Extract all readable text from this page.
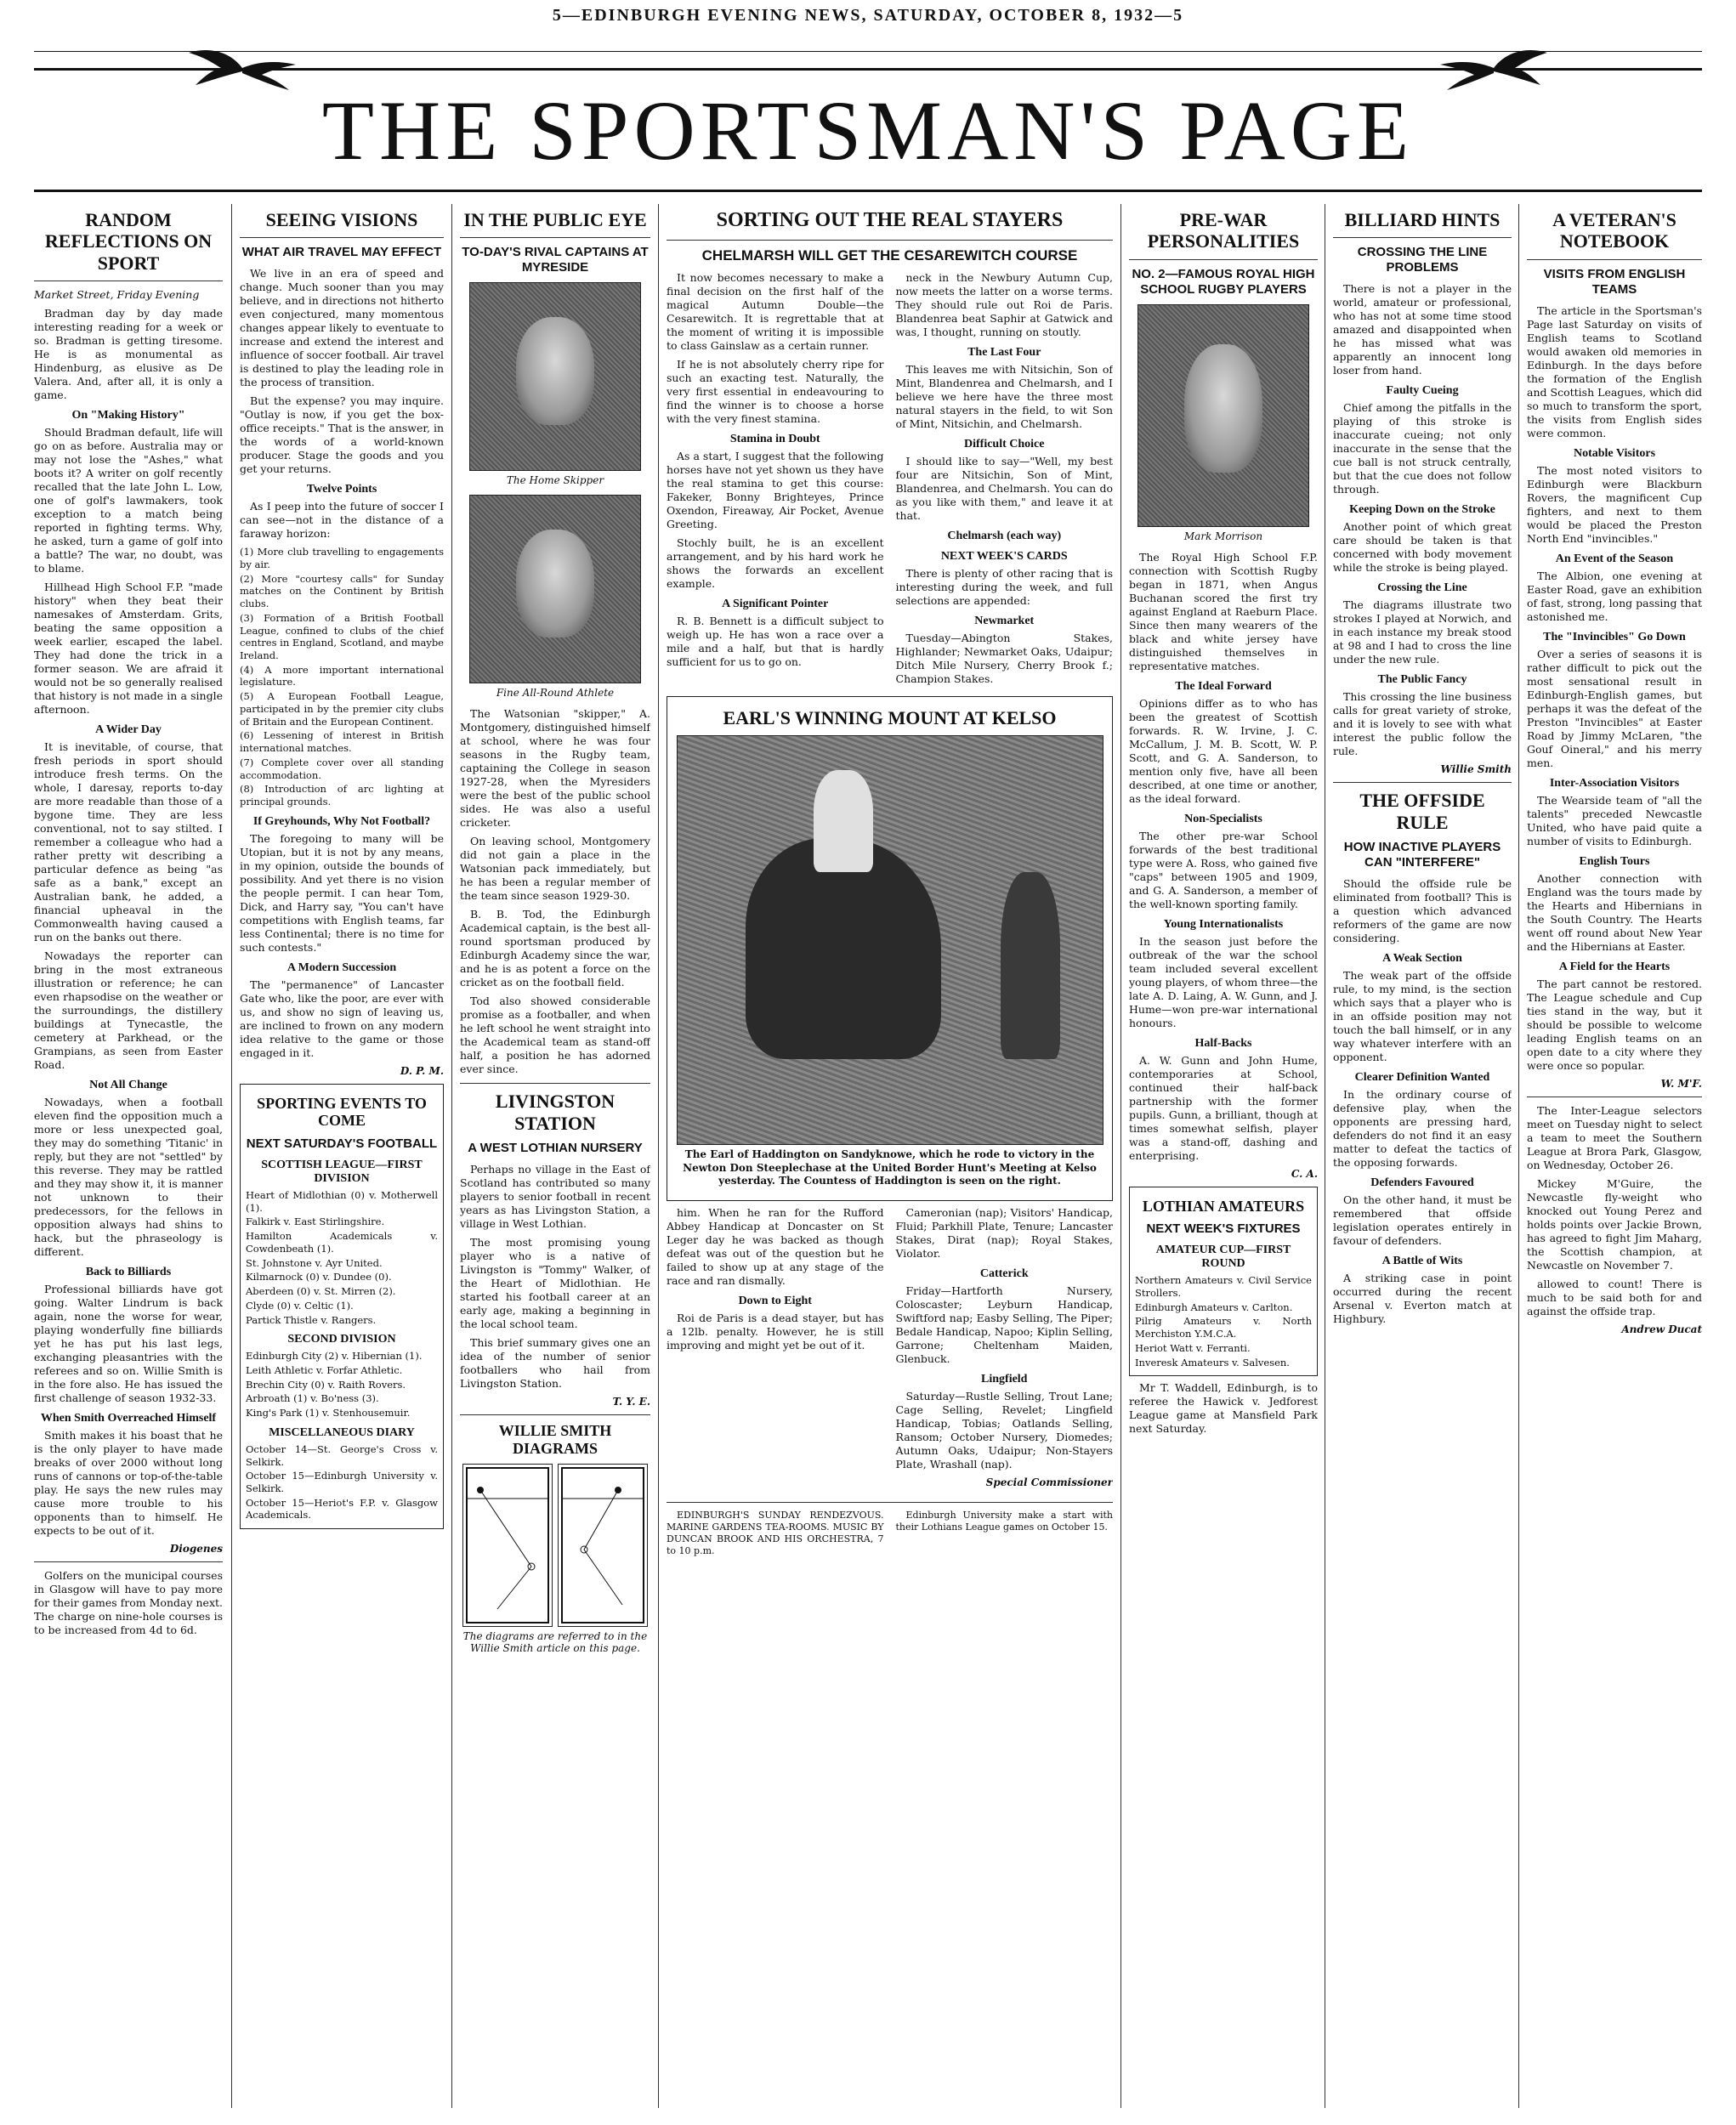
5—EDINBURGH EVENING NEWS, SATURDAY, OCTOBER 8, 1932—5
THE SPORTSMAN'S PAGE
RANDOM REFLECTIONS ON SPORT

Market Street, Friday Evening

Bradman day by day made interesting reading for a week or so. Bradman is getting tiresome. He is as monumental as Hindenburg, as elusive as De Valera. And, after all, it is only a game.

On "Making History"

Should Bradman default, life will go on as before. Australia may or may not lose the "Ashes," what boots it? A writer on golf recently recalled that the late John L. Low, one of golf's lawmakers, took exception to a match being reported in fighting terms. Why, he asked, turn a game of golf into a battle? The war, no doubt, was to blame.

Hillhead High School F.P. "made history" when they beat their namesakes of Amsterdam. Grits, beating the same opposition a week earlier, escaped the label. They had done the trick in a former season. We are afraid it would not be so generally realised that history is not made in a single afternoon.

A Wider Day

It is inevitable, of course, that fresh periods in sport should introduce fresh terms. On the whole, I daresay, reports to-day are more readable than those of a bygone time. They are less conventional, not to say stilted. I remember a colleague who had a rather pretty wit describing a particular defence as being "as safe as a bank," except an Australian bank, he added, a financial upheaval in the Commonwealth having caused a run on the banks out there.

Nowadays the reporter can bring in the most extraneous illustration or reference; he can even rhapsodise on the weather or the surroundings, the distillery buildings at Tynecastle, the cemetery at Parkhead, or the Grampians, as seen from Easter Road.

Not All Change

Nowadays, when a football eleven find the opposition much a more or less unexpected goal, they may do something 'Titanic' in reply, but they are not "settled" by this reverse. They may be rattled and they may show it, it is manner not unknown to their predecessors, for the fellows in opposition always had shins to hack, but the phraseology is different.

Back to Billiards

Professional billiards have got going. Walter Lindrum is back again, none the worse for wear, playing wonderfully fine billiards yet he has put his last legs, exchanging pleasantries with the referees and so on. Willie Smith is in the fore also. He has issued the first challenge of season 1932-33.

When Smith Overreached Himself

Smith makes it his boast that he is the only player to have made breaks of over 2000 without long runs of cannons or top-of-the-table play. He says the new rules may cause more trouble to his opponents than to himself. He expects to be out of it.

Diogenes

Golfers on the municipal courses in Glasgow will have to pay more for their games from Monday next. The charge on nine-hole courses is to be increased from 4d to 6d.

SEEING VISIONS
WHAT AIR TRAVEL MAY EFFECT

We live in an era of speed and change. Much sooner than you may believe, and in directions not hitherto even conjectured, many momentous changes appear likely to eventuate to increase and extend the interest and influence of soccer football. Air travel is destined to play the leading role in the process of transition.

But the expense? you may inquire. "Outlay is now, if you get the box-office receipts." That is the answer, in the words of a world-known producer. Stage the goods and you get your returns.

Twelve Points

As I peep into the future of soccer I can see—not in the distance of a faraway horizon:

(1) More club travelling to engagements by air.

(2) More "courtesy calls" for Sunday matches on the Continent by British clubs.

(3) Formation of a British Football League, confined to clubs of the chief centres in England, Scotland, and maybe Ireland.

(4) A more important international legislature.

(5) A European Football League, participated in by the premier city clubs of Britain and the European Continent.

(6) Lessening of interest in British international matches.

(7) Complete cover over all standing accommodation.

(8) Introduction of arc lighting at principal grounds.

If Greyhounds, Why Not Football?

The foregoing to many will be Utopian, but it is not by any means, in my opinion, outside the bounds of possibility. And yet there is no vision the people permit. I can hear Tom, Dick, and Harry say, "You can't have competitions with English teams, far less Continental; there is no time for such contests."

A Modern Succession

The "permanence" of Lancaster Gate who, like the poor, are ever with us, and show no sign of leaving us, are inclined to frown on any modern idea relative to the game or those engaged in it.

D. P. M.
SPORTING EVENTS TO COME
NEXT SATURDAY'S FOOTBALL
SCOTTISH LEAGUE—FIRST DIVISION

Heart of Midlothian (0) v. Motherwell (1).

Falkirk v. East Stirlingshire.

Hamilton Academicals v. Cowdenbeath (1).

St. Johnstone v. Ayr United.

Kilmarnock (0) v. Dundee (0).

Aberdeen (0) v. St. Mirren (2).

Clyde (0) v. Celtic (1).

Partick Thistle v. Rangers.

SECOND DIVISION

Edinburgh City (2) v. Hibernian (1).

Leith Athletic v. Forfar Athletic.

Brechin City (0) v. Raith Rovers.

Arbroath (1) v. Bo'ness (3).

King's Park (1) v. Stenhousemuir.

MISCELLANEOUS DIARY

October 14—St. George's Cross v. Selkirk.

October 15—Edinburgh University v. Selkirk.

October 15—Heriot's F.P. v. Glasgow Academicals.

IN THE PUBLIC EYE
TO-DAY'S RIVAL CAPTAINS AT MYRESIDE
The Home Skipper
Fine All-Round Athlete

The Watsonian "skipper," A. Montgomery, distinguished himself at school, where he was four seasons in the Rugby team, captaining the College in season 1927-28, when the Myresiders were the best of the public school sides. He was also a useful cricketer.

On leaving school, Montgomery did not gain a place in the Watsonian pack immediately, but he has been a regular member of the team since season 1929-30.

B. B. Tod, the Edinburgh Academical captain, is the best all-round sportsman produced by Edinburgh Academy since the war, and he is as potent a force on the cricket as on the football field.

Tod also showed considerable promise as a footballer, and when he left school he went straight into the Academical team as stand-off half, a position he has adorned ever since.

LIVINGSTON STATION
A WEST LOTHIAN NURSERY

Perhaps no village in the East of Scotland has contributed so many players to senior football in recent years as has Livingston Station, a village in West Lothian.

The most promising young player who is a native of Livingston is "Tommy" Walker, of the Heart of Midlothian. He started his football career at an early age, making a beginning in the local school team.

This brief summary gives one an idea of the number of senior footballers who hail from Livingston Station.

T. Y. E.
WILLIE SMITH DIAGRAMS
The diagrams are referred to in the Willie Smith article on this page.
SORTING OUT THE REAL STAYERS
CHELMARSH WILL GET THE CESAREWITCH COURSE

It now becomes necessary to make a final decision on the first half of the magical Autumn Double—the Cesarewitch. It is regrettable that at the moment of writing it is impossible to class Gainslaw as a certain runner.

If he is not absolutely cherry ripe for such an exacting test. Naturally, the very first essential in endeavouring to find the winner is to choose a horse with the very finest stamina.

Stamina in Doubt

As a start, I suggest that the following horses have not yet shown us they have the real stamina to get this course: Fakeker, Bonny Brighteyes, Prince Oxendon, Fireaway, Air Pocket, Avenue Greeting.

Stochly built, he is an excellent arrangement, and by his hard work he shows the forwards an excellent example.

A Significant Pointer

R. B. Bennett is a difficult subject to weigh up. He has won a race over a mile and a half, but that is hardly sufficient for us to go on.

neck in the Newbury Autumn Cup, now meets the latter on a worse terms. They should rule out Roi de Paris. Blandenrea beat Saphir at Gatwick and was, I thought, running on stoutly.

The Last Four

This leaves me with Nitsichin, Son of Mint, Blandenrea and Chelmarsh, and I believe we here have the three most natural stayers in the field, to wit Son of Mint, Nitsichin, and Chelmarsh.

Difficult Choice

I should like to say—"Well, my best four are Nitsichin, Son of Mint, Blandenrea, and Chelmarsh. You can do as you like with them," and leave it at that.

Chelmarsh (each way)
NEXT WEEK'S CARDS

There is plenty of other racing that is interesting during the week, and full selections are appended:

Newmarket

Tuesday—Abington Stakes, Highlander; Newmarket Oaks, Udaipur; Ditch Mile Nursery, Cherry Brook f.; Champion Stakes.

EARL'S WINNING MOUNT AT KELSO
The Earl of Haddington on Sandyknowe, which he rode to victory in the Newton Don Steeplechase at the United Border Hunt's Meeting at Kelso yesterday. The Countess of Haddington is seen on the right.

him. When he ran for the Rufford Abbey Handicap at Doncaster on St Leger day he was backed as though defeat was out of the question but he failed to show up at any stage of the race and ran dismally.

Down to Eight

Roi de Paris is a dead stayer, but has a 12lb. penalty. However, he is still improving and might yet be out of it.

Cameronian (nap); Visitors' Handicap, Fluid; Parkhill Plate, Tenure; Lancaster Stakes, Dirat (nap); Royal Stakes, Violator.

Catterick

Friday—Hartforth Nursery, Coloscaster; Leyburn Handicap, Swiftford nap; Easby Selling, The Piper; Bedale Handicap, Napoo; Kiplin Selling, Garrone; Cheltenham Maiden, Glenbuck.

Lingfield

Saturday—Rustle Selling, Trout Lane; Cage Selling, Revelet; Lingfield Handicap, Tobias; Oatlands Selling, Ransom; October Nursery, Diomedes; Autumn Oaks, Udaipur; Non-Stayers Plate, Wrashall (nap).

Special Commissioner

EDINBURGH'S SUNDAY RENDEZVOUS. MARINE GARDENS TEA-ROOMS. MUSIC BY DUNCAN BROOK AND HIS ORCHESTRA, 7 to 10 p.m.

Edinburgh University make a start with their Lothians League games on October 15.

PRE-WAR PERSONALITIES
NO. 2—FAMOUS ROYAL HIGH SCHOOL RUGBY PLAYERS
Mark Morrison

The Royal High School F.P. connection with Scottish Rugby began in 1871, when Angus Buchanan scored the first try against England at Raeburn Place. Since then many wearers of the black and white jersey have distinguished themselves in representative matches.

The Ideal Forward

Opinions differ as to who has been the greatest of Scottish forwards. R. W. Irvine, J. C. McCallum, J. M. B. Scott, W. P. Scott, and G. A. Sanderson, to mention only five, have all been described, at one time or another, as the ideal forward.

Non-Specialists

The other pre-war School forwards of the best traditional type were A. Ross, who gained five "caps" between 1905 and 1909, and G. A. Sanderson, a member of the well-known sporting family.

Young Internationalists

In the season just before the outbreak of the war the school team included several excellent young players, of whom three—the late A. D. Laing, A. W. Gunn, and J. Hume—won pre-war international honours.

Half-Backs

A. W. Gunn and John Hume, contemporaries at School, continued their half-back partnership with the former pupils. Gunn, a brilliant, though at times somewhat selfish, player was a stand-off, dashing and enterprising.

C. A.
LOTHIAN AMATEURS
NEXT WEEK'S FIXTURES
AMATEUR CUP—FIRST ROUND

Northern Amateurs v. Civil Service Strollers.

Edinburgh Amateurs v. Carlton.

Pilrig Amateurs v. North Merchiston Y.M.C.A.

Heriot Watt v. Ferranti.

Inveresk Amateurs v. Salvesen.

Mr T. Waddell, Edinburgh, is to referee the Hawick v. Jedforest League game at Mansfield Park next Saturday.

BILLIARD HINTS
CROSSING THE LINE PROBLEMS

There is not a player in the world, amateur or professional, who has not at some time stood amazed and disappointed when he has missed what was apparently an innocent long loser from hand.

Faulty Cueing

Chief among the pitfalls in the playing of this stroke is inaccurate cueing; not only inaccurate in the sense that the cue ball is not struck centrally, but that the cue does not follow through.

Keeping Down on the Stroke

Another point of which great care should be taken is that concerned with body movement while the stroke is being played.

Crossing the Line

The diagrams illustrate two strokes I played at Norwich, and in each instance my break stood at 98 and I had to cross the line under the new rule.

The Public Fancy

This crossing the line business calls for great variety of stroke, and it is lovely to see with what interest the public follow the rule.

Willie Smith
THE OFFSIDE RULE
HOW INACTIVE PLAYERS CAN "INTERFERE"

Should the offside rule be eliminated from football? This is a question which advanced reformers of the game are now considering.

A Weak Section

The weak part of the offside rule, to my mind, is the section which says that a player who is in an offside position may not touch the ball himself, or in any way whatever interfere with an opponent.

Clearer Definition Wanted

In the ordinary course of defensive play, when the opponents are pressing hard, defenders do not find it an easy matter to defeat the tactics of the opposing forwards.

Defenders Favoured

On the other hand, it must be remembered that offside legislation operates entirely in favour of defenders.

A Battle of Wits

A striking case in point occurred during the recent Arsenal v. Everton match at Highbury.

A VETERAN'S NOTEBOOK
VISITS FROM ENGLISH TEAMS

The article in the Sportsman's Page last Saturday on visits of English teams to Scotland would awaken old memories in Edinburgh. In the days before the formation of the English and Scottish Leagues, which did so much to transform the sport, the visits from English sides were common.

Notable Visitors

The most noted visitors to Edinburgh were Blackburn Rovers, the magnificent Cup fighters, and next to them would be placed the Preston North End "invincibles."

An Event of the Season

The Albion, one evening at Easter Road, gave an exhibition of fast, strong, long passing that astonished me.

The "Invincibles" Go Down

Over a series of seasons it is rather difficult to pick out the most sensational result in Edinburgh-English games, but perhaps it was the defeat of the Preston "Invincibles" at Easter Road by Jimmy McLaren, "the Gouf Oineral," and his merry men.

Inter-Association Visitors

The Wearside team of "all the talents" preceded Newcastle United, who have paid quite a number of visits to Edinburgh.

English Tours

Another connection with England was the tours made by the Hearts and Hibernians in the South Country. The Hearts went off round about New Year and the Hibernians at Easter.

A Field for the Hearts

The part cannot be restored. The League schedule and Cup ties stand in the way, but it should be possible to welcome leading English teams on an open date to a city where they were once so popular.

W. M'F.

The Inter-League selectors meet on Tuesday night to select a team to meet the Southern League at Brora Park, Glasgow, on Wednesday, October 26.

Mickey M'Guire, the Newcastle fly-weight who knocked out Young Perez and holds points over Jackie Brown, has agreed to fight Jim Maharg, the Scottish champion, at Newcastle on November 7.

allowed to count! There is much to be said both for and against the offside trap.

Andrew Ducat
